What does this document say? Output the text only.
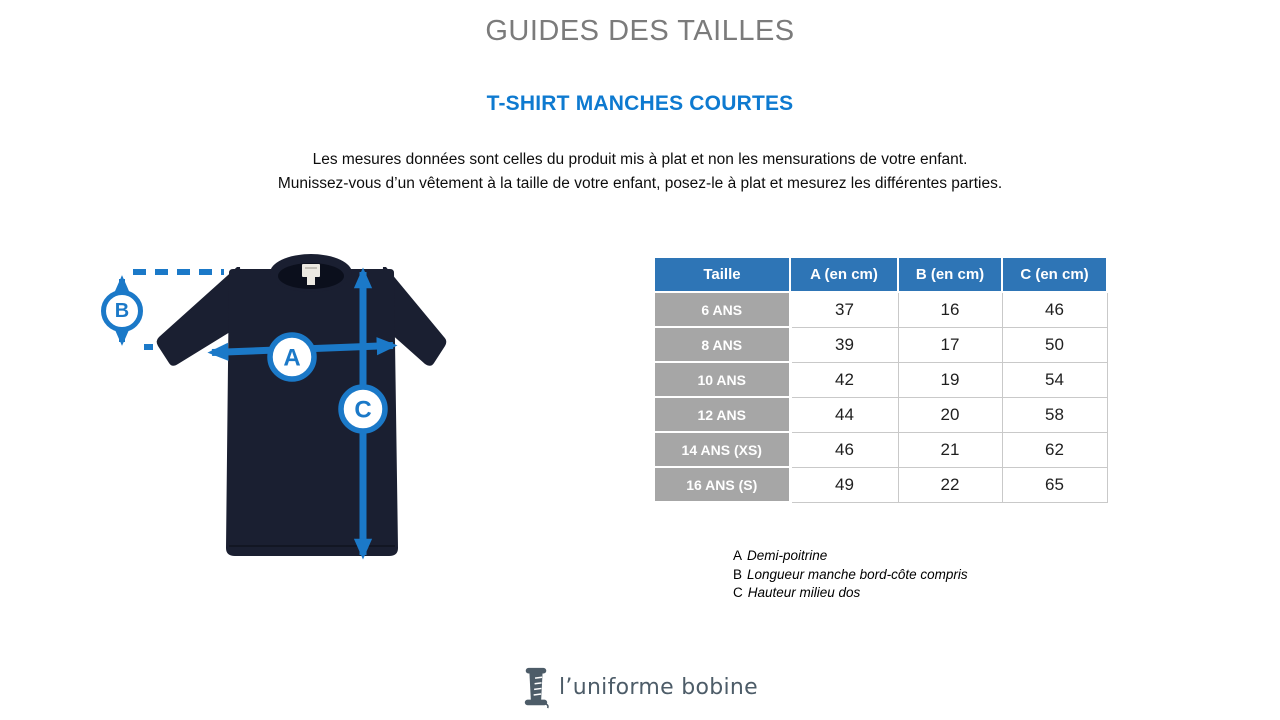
GUIDES DES TAILLES
T-SHIRT MANCHES COURTES
Les mesures données sont celles du produit mis à plat et non les mensurations de votre enfant.
Munissez-vous d’un vêtement à la taille de votre enfant, posez-le à plat et mesurez les différentes parties.
B
A
C
Taille	A (en cm)	B (en cm)	C (en cm)
6 ANS	37	16	46
8 ANS	39	17	50
10 ANS	42	19	54
12 ANS	44	20	58
14 ANS (XS)	46	21	62
16 ANS (S)	49	22	65
A Demi-poitrine
B Longueur manche bord-côte compris
C Hauteur milieu dos
l’uniforme bobine
